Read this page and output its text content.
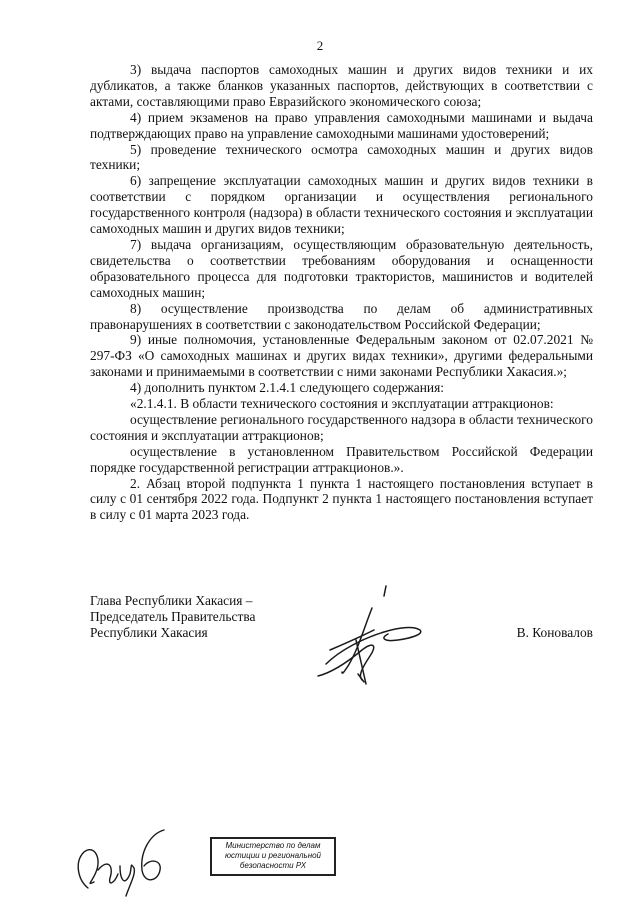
2

3) выдача паспортов самоходных машин и других видов техники и их дубликатов, а также бланков указанных паспортов, действующих в соответствии с актами, составляющими право Евразийского экономического союза;

4) прием экзаменов на право управления самоходными машинами и выдача подтверждающих право на управление самоходными машинами удостоверений;

5) проведение технического осмотра самоходных машин и других видов техники;

6) запрещение эксплуатации самоходных машин и других видов техники в соответствии с порядком организации и осуществления регионального государственного контроля (надзора) в области технического состояния и эксплуатации самоходных машин и других видов техники;

7) выдача организациям, осуществляющим образовательную деятельность, свидетельства о соответствии требованиям оборудования и оснащенности образовательного процесса для подготовки трактористов, машинистов и водителей самоходных машин;

8) осуществление производства по делам об административных правонарушениях в соответствии с законодательством Российской Федерации;

9) иные полномочия, установленные Федеральным законом от 02.07.2021 № 297-ФЗ «О самоходных машинах и других видах техники», другими федеральными законами и принимаемыми в соответствии с ними законами Республики Хакасия.»;

4) дополнить пунктом 2.1.4.1 следующего содержания:

«2.1.4.1. В области технического состояния и эксплуатации аттракционов:

осуществление регионального государственного надзора в области технического состояния и эксплуатации аттракционов;

осуществление в установленном Правительством Российской Федерации порядке государственной регистрации аттракционов.».

2. Абзац второй подпункта 1 пункта 1 настоящего постановления вступает в силу с 01 сентября 2022 года. Подпункт 2 пункта 1 настоящего постановления вступает в силу с 01 марта 2023 года.

Глава Республики Хакасия –
Председатель Правительства
Республики Хакасия	В. Коновалов
Министерство по делам
юстиции и региональной
безопасности РХ
